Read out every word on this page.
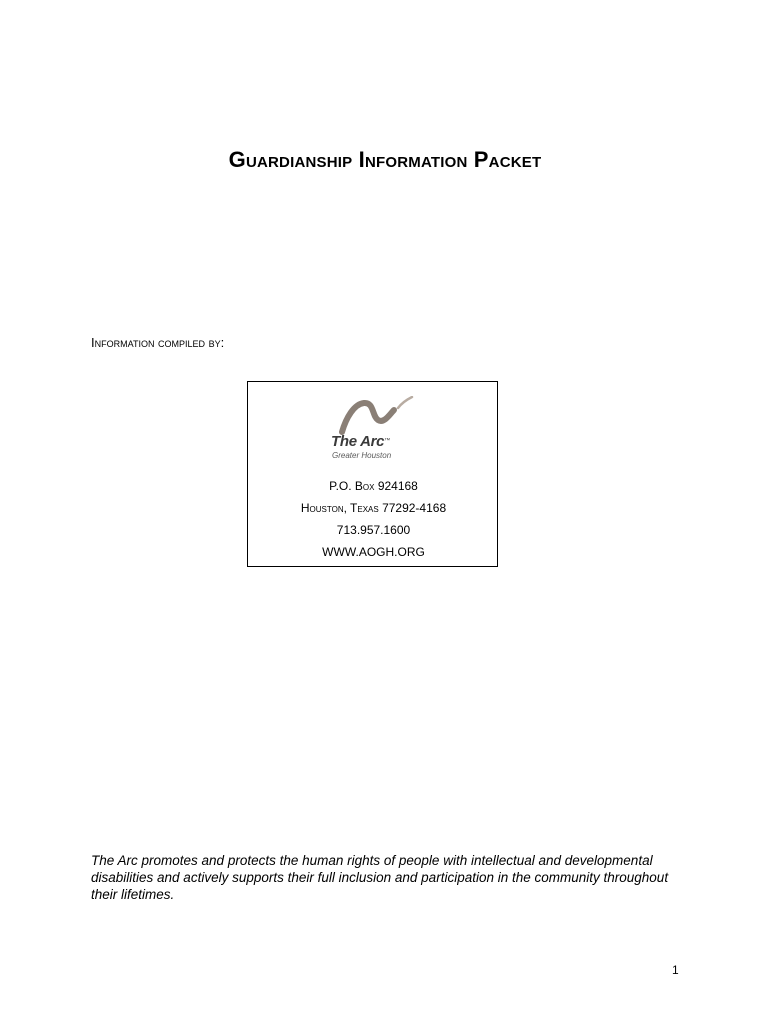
Guardianship Information Packet
Information compiled by:
The Arc™
Greater Houston
P.O. Box 924168
Houston, Texas 77292-4168
713.957.1600
WWW.AOGH.ORG
The Arc promotes and protects the human rights of people with intellectual and developmental disabilities and actively supports their full inclusion and participation in the community throughout their lifetimes.
1
